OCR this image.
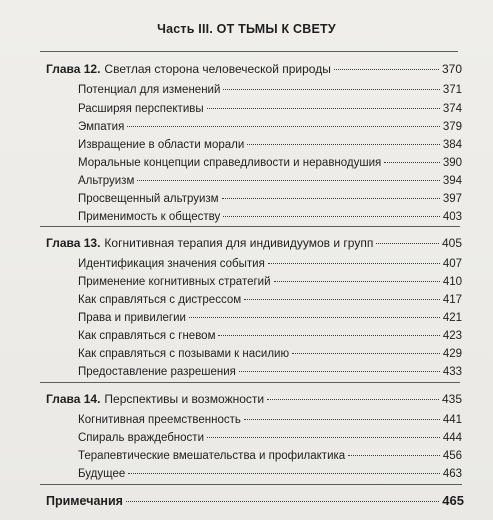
Часть III. ОТ ТЬМЫ К СВЕТУ
Глава 12. Светлая сторона человеческой природы	370
Потенциал для изменений	371
Расширяя перспективы	374
Эмпатия	379
Извращение в области морали	384
Моральные концепции справедливости и неравнодушия	390
Альтруизм	394
Просвещенный альтруизм	397
Применимость к обществу	403
Глава 13. Когнитивная терапия для индивидуумов и групп	405
Идентификация значения события	407
Применение когнитивных стратегий	410
Как справляться с дистрессом	417
Права и привилегии	421
Как справляться с гневом	423
Как справляться с позывами к насилию	429
Предоставление разрешения	433
Глава 14. Перспективы и возможности	435
Когнитивная преемственность	441
Спираль враждебности	444
Терапевтические вмешательства и профилактика	456
Будущее	463
Примечания	465
